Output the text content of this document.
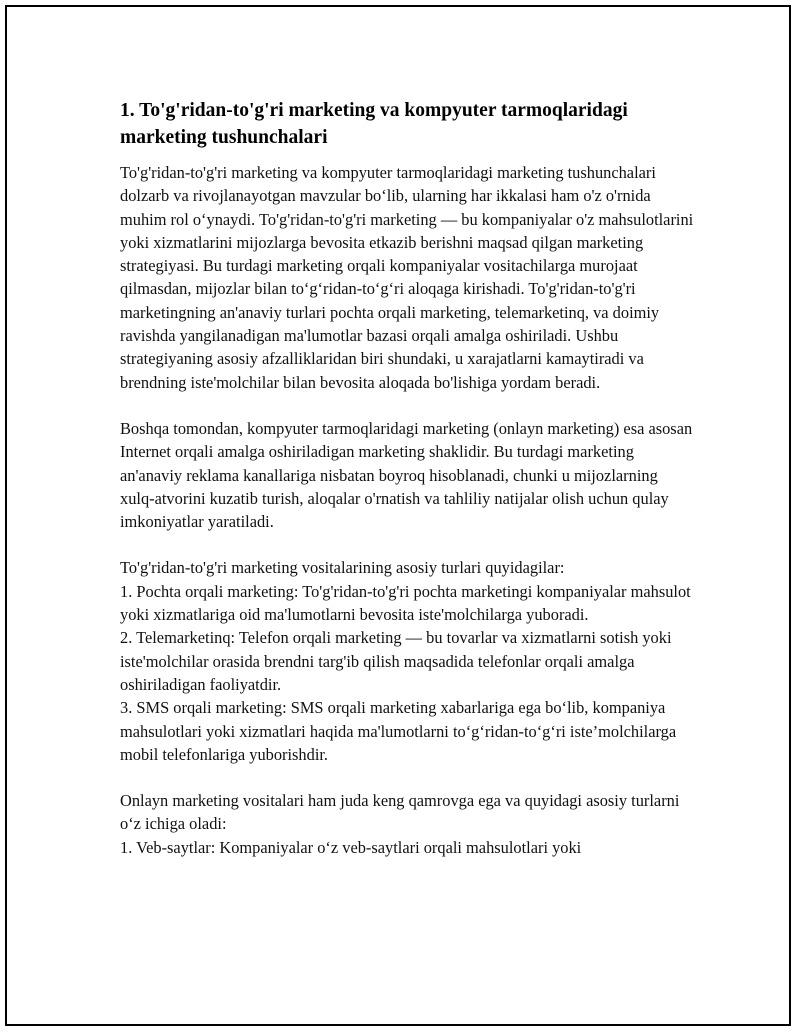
1. To'g'ridan-to'g'ri marketing va kompyuter tarmoqlaridagi marketing tushunchalari

To'g'ridan-to'g'ri marketing va kompyuter tarmoqlaridagi marketing tushunchalari dolzarb va rivojlanayotgan mavzular bo‘lib, ularning har ikkalasi ham o'z o'rnida muhim rol o‘ynaydi. To'g'ridan-to'g'ri marketing — bu kompaniyalar o'z mahsulotlarini yoki xizmatlarini mijozlarga bevosita etkazib berishni maqsad qilgan marketing strategiyasi. Bu turdagi marketing orqali kompaniyalar vositachilarga murojaat qilmasdan, mijozlar bilan to‘g‘ridan-to‘g‘ri aloqaga kirishadi. To'g'ridan-to'g'ri marketingning an'anaviy turlari pochta orqali marketing, telemarketinq, va doimiy ravishda yangilanadigan ma'lumotlar bazasi orqali amalga oshiriladi. Ushbu strategiyaning asosiy afzalliklaridan biri shundaki, u xarajatlarni kamaytiradi va brendning iste'molchilar bilan bevosita aloqada bo'lishiga yordam beradi.

Boshqa tomondan, kompyuter tarmoqlaridagi marketing (onlayn marketing) esa asosan Internet orqali amalga oshiriladigan marketing shaklidir. Bu turdagi marketing an'anaviy reklama kanallariga nisbatan boyroq hisoblanadi, chunki u mijozlarning xulq-atvorini kuzatib turish, aloqalar o'rnatish va tahliliy natijalar olish uchun qulay imkoniyatlar yaratiladi.

To'g'ridan-to'g'ri marketing vositalarining asosiy turlari quyidagilar:

1. Pochta orqali marketing: To'g'ridan-to'g'ri pochta marketingi kompaniyalar mahsulot yoki xizmatlariga oid ma'lumotlarni bevosita iste'molchilarga yuboradi.

2. Telemarketinq: Telefon orqali marketing — bu tovarlar va xizmatlarni sotish yoki iste'molchilar orasida brendni targ'ib qilish maqsadida telefonlar orqali amalga oshiriladigan faoliyatdir.

3. SMS orqali marketing: SMS orqali marketing xabarlariga ega bo‘lib, kompaniya mahsulotlari yoki xizmatlari haqida ma'lumotlarni to‘g‘ridan-to‘g‘ri iste’molchilarga mobil telefonlariga yuborishdir.

Onlayn marketing vositalari ham juda keng qamrovga ega va quyidagi asosiy turlarni o‘z ichiga oladi:

1. Veb-saytlar: Kompaniyalar o‘z veb-saytlari orqali mahsulotlari yoki
